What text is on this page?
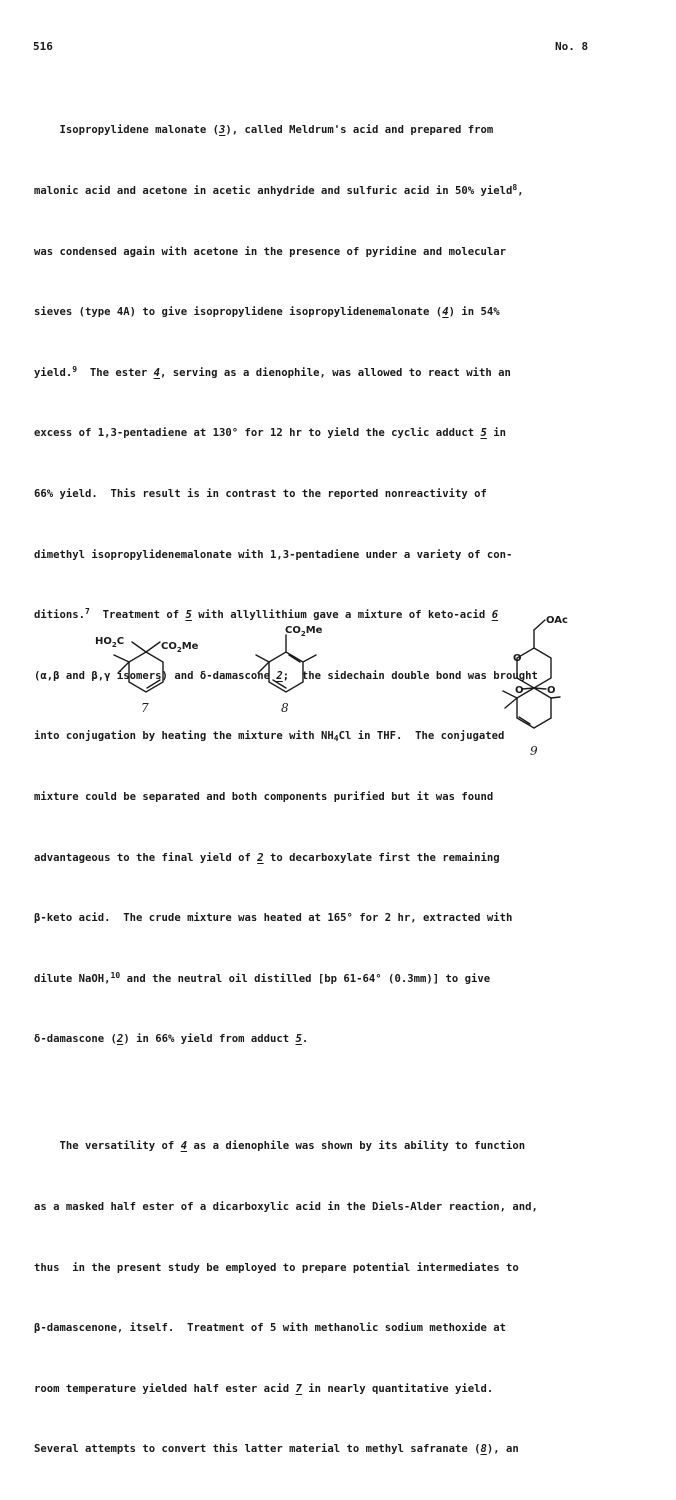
516	No. 8

Isopropylidene malonate (3), called Meldrum's acid and prepared from

malonic acid and acetone in acetic anhydride and sulfuric acid in 50% yield$^8$,

was condensed again with acetone in the presence of pyridine and molecular

sieves (type 4A) to give isopropylidene isopropylidenemalonate (4) in 54%

yield.$^9$  The ester 4, serving as a dienophile, was allowed to react with an

excess of 1,3-pentadiene at 130° for 12 hr to yield the cyclic adduct 5 in

66% yield.  This result is in contrast to the reported nonreactivity of

dimethyl isopropylidenemalonate with 1,3-pentadiene under a variety of con-

ditions.$^7$  Treatment of 5 with allyllithium gave a mixture of keto-acid 6

(α,β and β,γ isomers) and δ-damascone 2;  the sidechain double bond was brought

into conjugation by heating the mixture with $NH_4Cl$ in THF.  The conjugated

mixture could be separated and both components purified but it was found

advantageous to the final yield of 2 to decarboxylate first the remaining

β-keto acid.  The crude mixture was heated at 165° for 2 hr, extracted with

dilute NaOH,$^{10}$ and the neutral oil distilled [bp 61-64° (0.3mm)] to give

δ-damascone (2) in 66% yield from adduct 5.

The versatility of 4 as a dienophile was shown by its ability to function

as a masked half ester of a dicarboxylic acid in the Diels-Alder reaction, and,

thus  in the present study be employed to prepare potential intermediates to

β-damascenone, itself.  Treatment of 5 with methanolic sodium methoxide at

room temperature yielded half ester acid 7 in nearly quantitative yield.

Several attempts to convert this latter material to methyl safranate (8), an

$HO_2C$	$CO_2Me$
7
$CO_2Me$
8
OAc
O
O O
9
